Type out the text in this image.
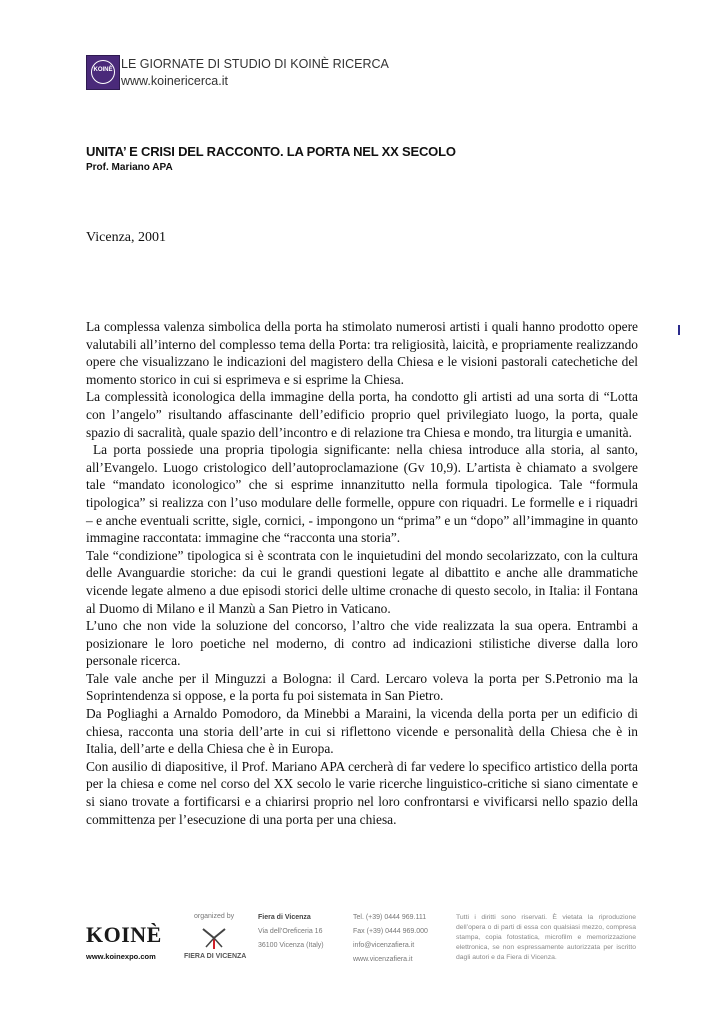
KOINÈ LE GIORNATE DI STUDIO DI KOINÈ RICERCA
www.koinericerca.it
UNITA’ E CRISI DEL RACCONTO. LA PORTA NEL XX SECOLO
Prof. Mariano APA
Vicenza, 2001

La complessa valenza simbolica della porta ha stimolato numerosi artisti i quali hanno prodotto opere valutabili all’interno del complesso tema della Porta: tra religiosità, laicità, e propriamente realizzando opere che visualizzano le indicazioni del magistero della Chiesa e le visioni pastorali catechetiche del momento storico in cui si esprimeva e si esprime la Chiesa.

La complessità iconologica della immagine della porta, ha condotto gli artisti ad una sorta di “Lotta con l’angelo” risultando affascinante dell’edificio proprio quel privilegiato luogo, la porta, quale spazio di sacralità, quale spazio dell’incontro e di relazione tra Chiesa e mondo, tra liturgia e umanità.

La porta possiede una propria tipologia significante: nella chiesa introduce alla storia, al santo, all’Evangelo. Luogo cristologico dell’autoproclamazione (Gv 10,9). L’artista è chiamato a svolgere tale “mandato iconologico” che si esprime innanzitutto nella formula tipologica. Tale “formula tipologica” si realizza con l’uso modulare delle formelle, oppure con riquadri. Le formelle e i riquadri – e anche eventuali scritte, sigle, cornici, - impongono un “prima” e un “dopo” all’immagine in quanto immagine raccontata: immagine che “racconta una storia”.

Tale “condizione” tipologica si è scontrata con le inquietudini del mondo secolarizzato, con la cultura delle Avanguardie storiche: da cui le grandi questioni legate al dibattito e anche alle drammatiche vicende legate almeno a due episodi storici delle ultime cronache di questo secolo, in Italia: il Fontana al Duomo di Milano e il Manzù a San Pietro in Vaticano.

L’uno che non vide la soluzione del concorso, l’altro che vide realizzata la sua opera. Entrambi a posizionare le loro poetiche nel moderno, di contro ad indicazioni stilistiche diverse dalla loro personale ricerca.

Tale vale anche per il Minguzzi a Bologna: il Card. Lercaro voleva la porta per S.Petronio ma la Soprintendenza si oppose, e la porta fu poi sistemata in San Pietro.

Da Pogliaghi a Arnaldo Pomodoro, da Minebbi a Maraini, la vicenda della porta per un edificio di chiesa, racconta una storia dell’arte in cui si riflettono vicende e personalità della Chiesa che è in Italia, dell’arte e della Chiesa che è in Europa.

Con ausilio di diapositive, il Prof. Mariano APA cercherà di far vedere lo specifico artistico della porta per la chiesa e come nel corso del XX secolo le varie ricerche linguistico-critiche si siano cimentate e si siano trovate a fortificarsi e a chiarirsi proprio nel loro confrontarsi e vivificarsi nello spazio della committenza per l’esecuzione di una porta per una chiesa.

KOINÈ
www.koinexpo.com
organized by
FIERA DI VICENZA
Fiera di Vicenza
Via dell’Oreficeria 16
36100 Vicenza (Italy)
Tel. (+39) 0444 969.111
Fax (+39) 0444 969.000
info@vicenzafiera.it
www.vicenzafiera.it
Tutti i diritti sono riservati. È vietata la riproduzione dell’opera o di parti di essa con qualsiasi mezzo, compresa stampa, copia fotostatica, microfilm e memorizzazione elettronica, se non espressamente autorizzata per iscritto dagli autori e da Fiera di Vicenza.
